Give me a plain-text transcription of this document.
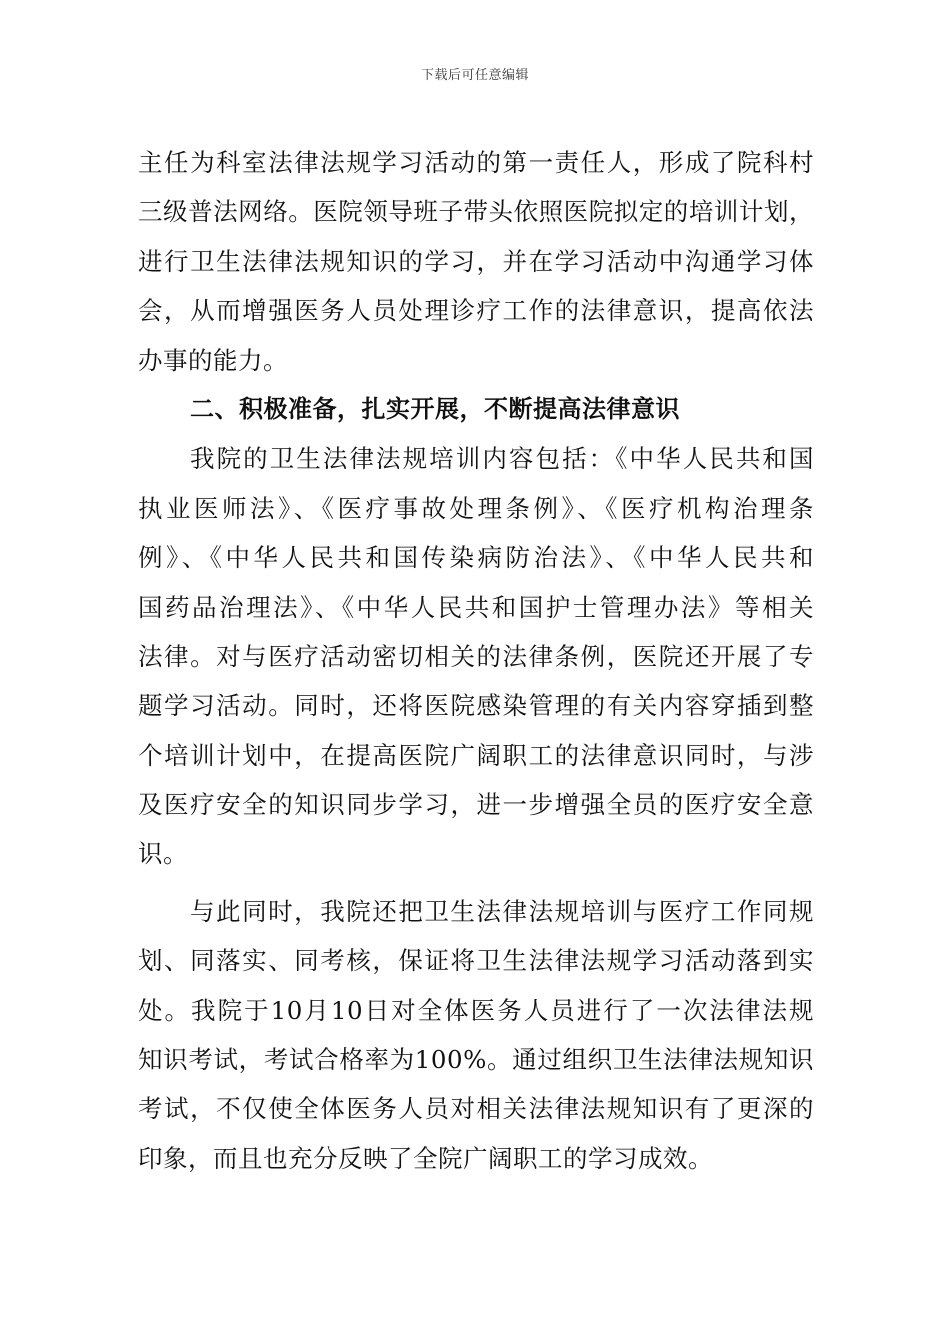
下载后可任意编辑
主任为科室法律法规学习活动的第一责任人，形成了院科村
三级普法网络。医院领导班子带头依照医院拟定的培训计划，
进行卫生法律法规知识的学习，并在学习活动中沟通学习体
会，从而增强医务人员处理诊疗工作的法律意识，提高依法
办事的能力。
二、积极准备，扎实开展，不断提高法律意识
我院的卫生法律法规培训内容包括：《中华人民共和国
执业医师法》、《医疗事故处理条例》、《医疗机构治理条
例》、《中华人民共和国传染病防治法》、《中华人民共和
国药品治理法》、《中华人民共和国护士管理办法》等相关
法律。对与医疗活动密切相关的法律条例，医院还开展了专
题学习活动。同时，还将医院感染管理的有关内容穿插到整
个培训计划中，在提高医院广阔职工的法律意识同时，与涉
及医疗安全的知识同步学习，进一步增强全员的医疗安全意
识。
与此同时，我院还把卫生法律法规培训与医疗工作同规
划、同落实、同考核，保证将卫生法律法规学习活动落到实
处。我院于10月10日对全体医务人员进行了一次法律法规
知识考试，考试合格率为100%。通过组织卫生法律法规知识
考试，不仅使全体医务人员对相关法律法规知识有了更深的
印象，而且也充分反映了全院广阔职工的学习成效。
